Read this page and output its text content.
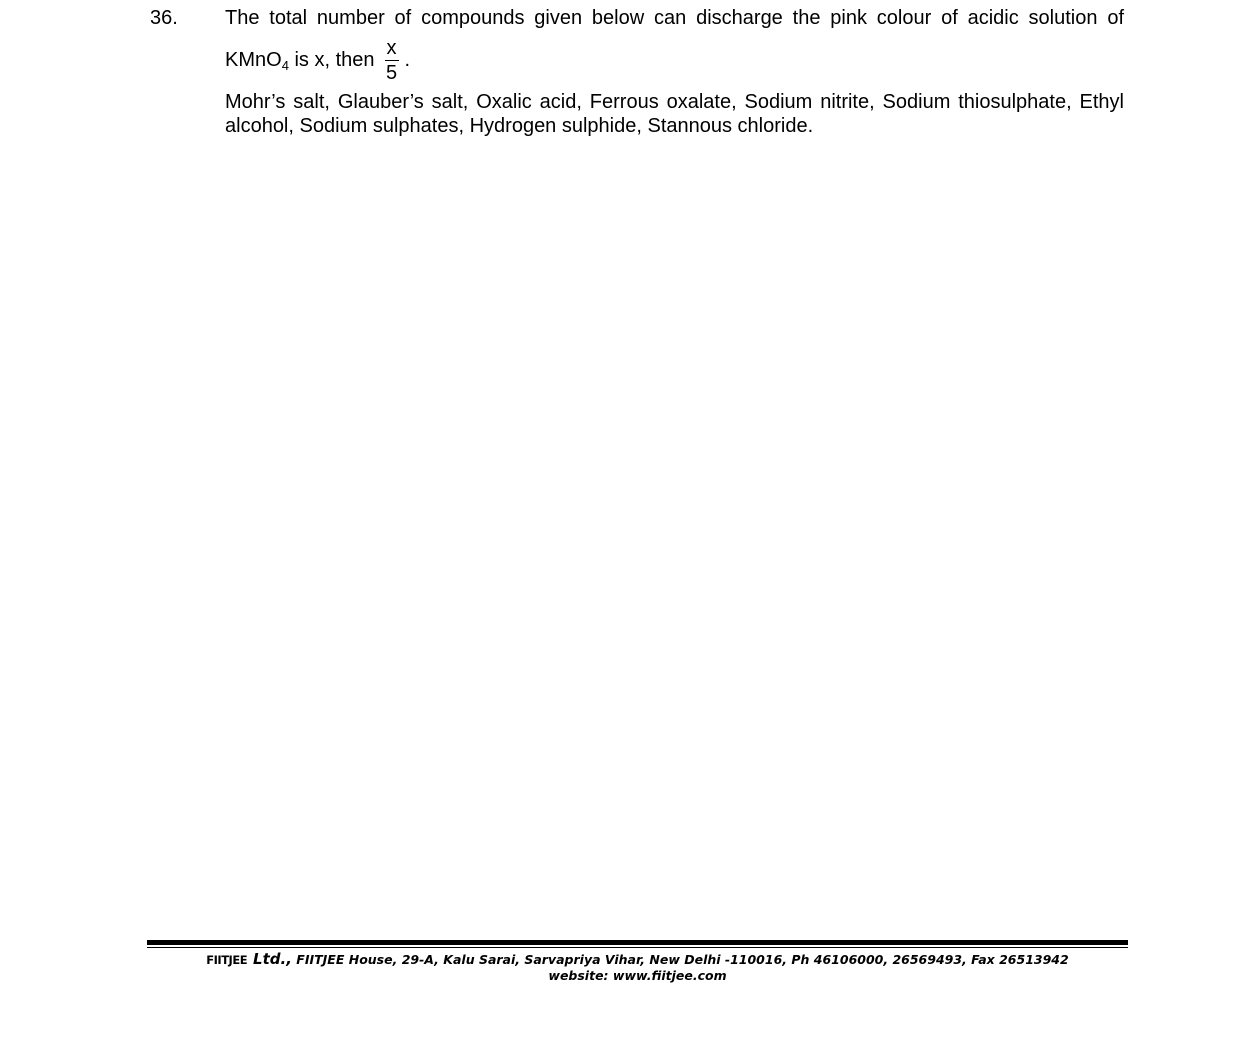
36. The total number of compounds given below can discharge the pink colour of acidic solution of
KMnO$_4$ is x, then $\frac{x}{5}$ .
Mohr’s salt, Glauber’s salt, Oxalic acid, Ferrous oxalate, Sodium nitrite, Sodium thiosulphate, Ethyl alcohol, Sodium sulphates, Hydrogen sulphide, Stannous chloride.
FIITJEE Ltd., FIITJEE House, 29-A, Kalu Sarai, Sarvapriya Vihar, New Delhi -110016, Ph 46106000, 26569493, Fax 26513942
website: www.fiitjee.com
